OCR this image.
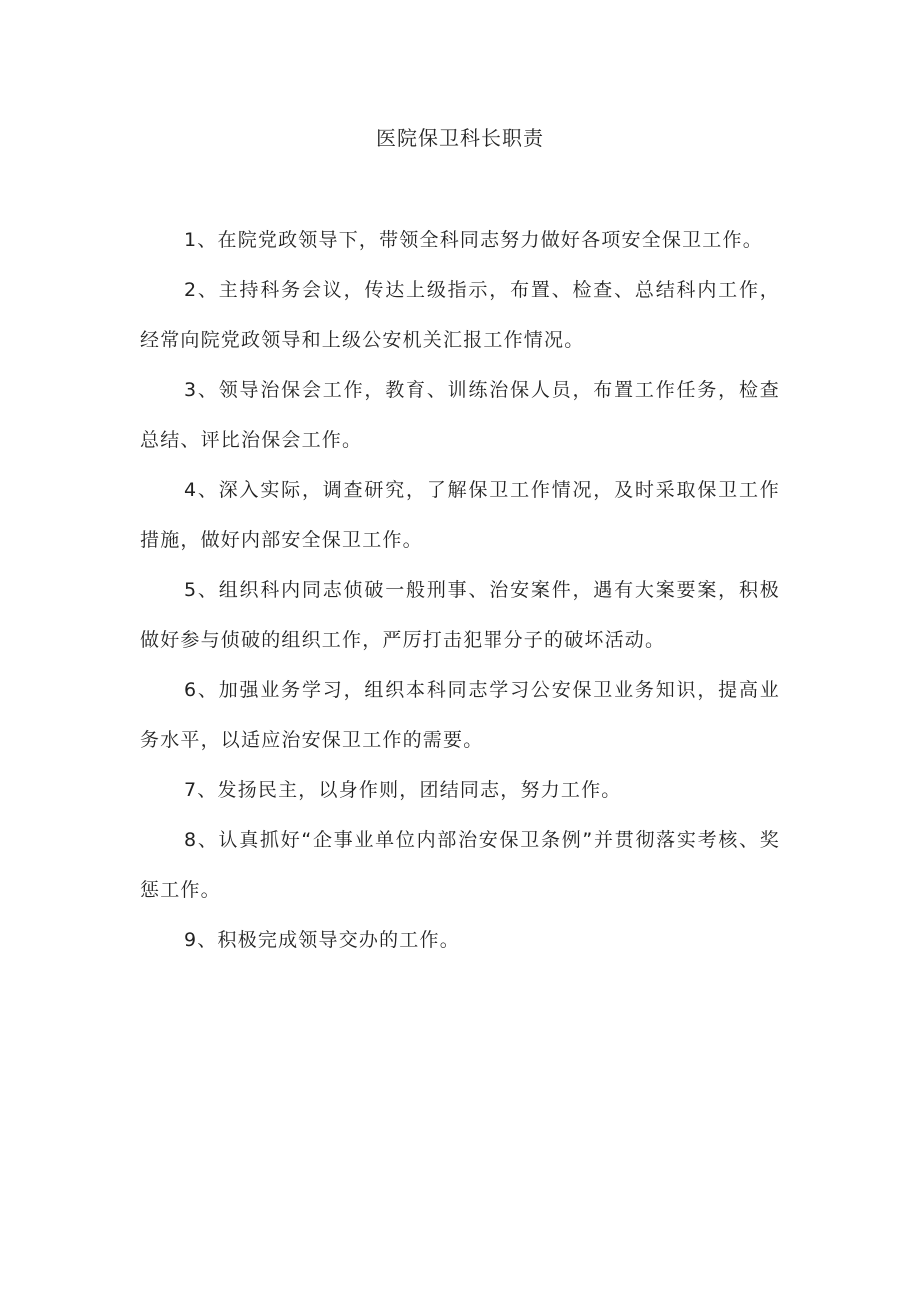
医院保卫科长职责

1、在院党政领导下，带领全科同志努力做好各项安全保卫工作。

2、主持科务会议，传达上级指示，布置、检查、总结科内工作，经常向院党政领导和上级公安机关汇报工作情况。

3、领导治保会工作，教育、训练治保人员，布置工作任务，检查总结、评比治保会工作。

4、深入实际，调查研究，了解保卫工作情况，及时采取保卫工作措施，做好内部安全保卫工作。

5、组织科内同志侦破一般刑事、治安案件，遇有大案要案，积极做好参与侦破的组织工作，严厉打击犯罪分子的破坏活动。

6、加强业务学习，组织本科同志学习公安保卫业务知识，提高业务水平，以适应治安保卫工作的需要。

7、发扬民主，以身作则，团结同志，努力工作。

8、认真抓好“企事业单位内部治安保卫条例”并贯彻落实考核、奖惩工作。

9、积极完成领导交办的工作。
